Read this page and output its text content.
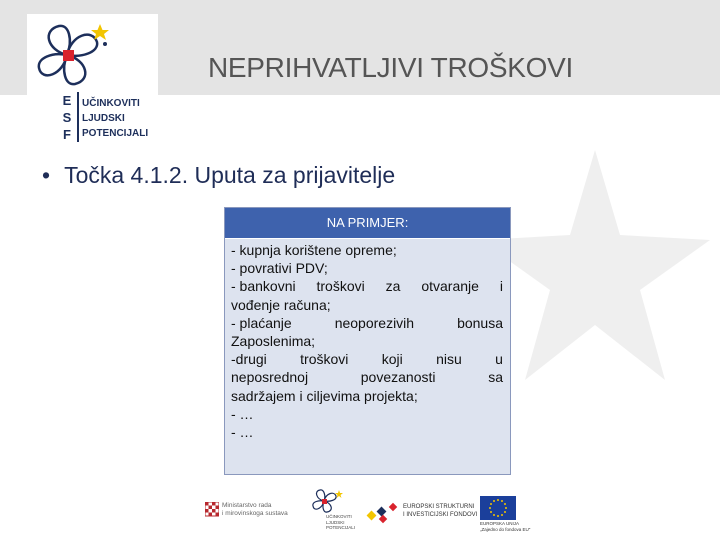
E
S
F
UČINKOVITI
LJUDSKI
POTENCIJALI
NEPRIHVATLJIVI TROŠKOVI
• Točka 4.1.2. Uputa za prijavitelje
NA PRIMJER:
- kupnja korištene opreme;
- povrativi PDV;
- bankovni troškovi za otvaranje i
vođenje računa;
- plaćanje	neoporezivih	bonusa
Zaposlenima;
-drugi troškovi koji nisu u
neposrednoj	povezanosti	sa
sadržajem i ciljevima projekta;
- …
- …
Ministarstvo rada
i mirovinskoga sustava	UČINKOVITI
LJUDSKI
POTENCIJALI
EUROPSKI STRUKTURNI
I INVESTICIJSKI FONDOVI
EUROPSKA UNIJA
„Zajedno do fondova EU"
